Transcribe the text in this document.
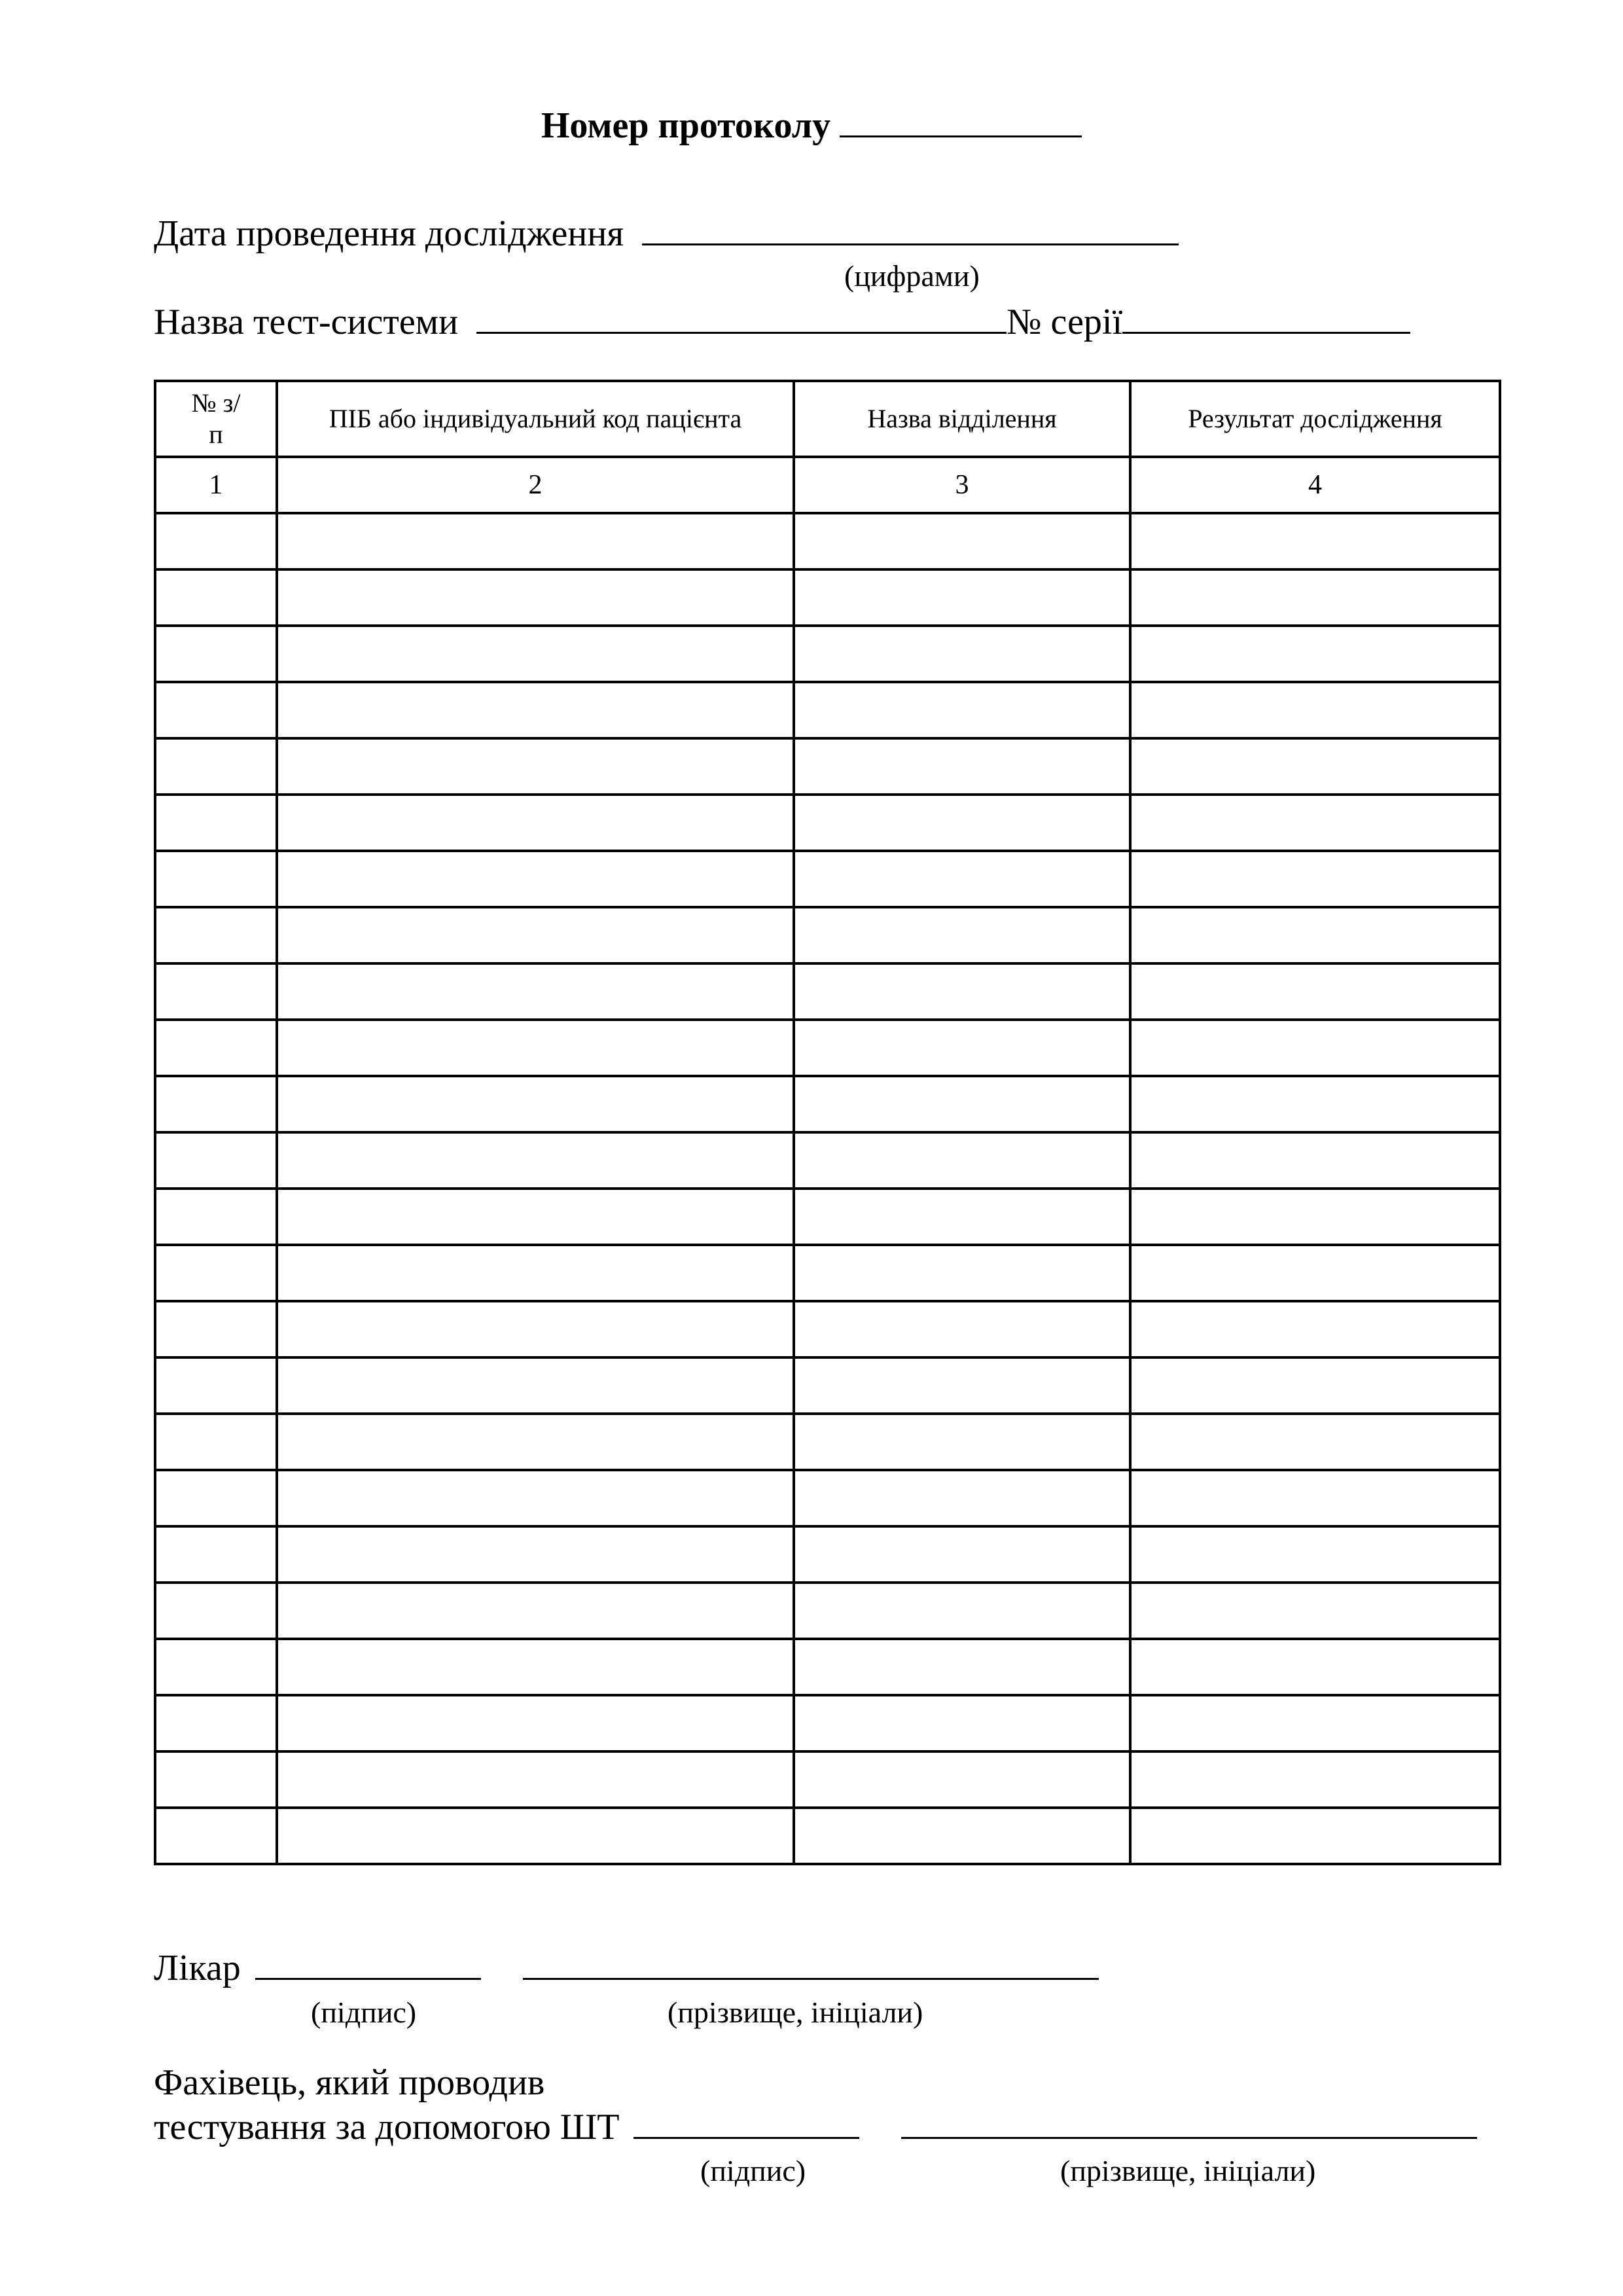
Номер протоколу
Дата проведення дослідження
(цифрами)
Назва тест-системи	№ серії
№ з/п	ПІБ або індивідуальний код пацієнта	Назва відділення	Результат дослідження
1	2	3	4

Лікар
(підпис)	(прізвище, ініціали)
Фахівець, який проводив
тестування за допомогою ШТ
(підпис)	(прізвище, ініціали)
